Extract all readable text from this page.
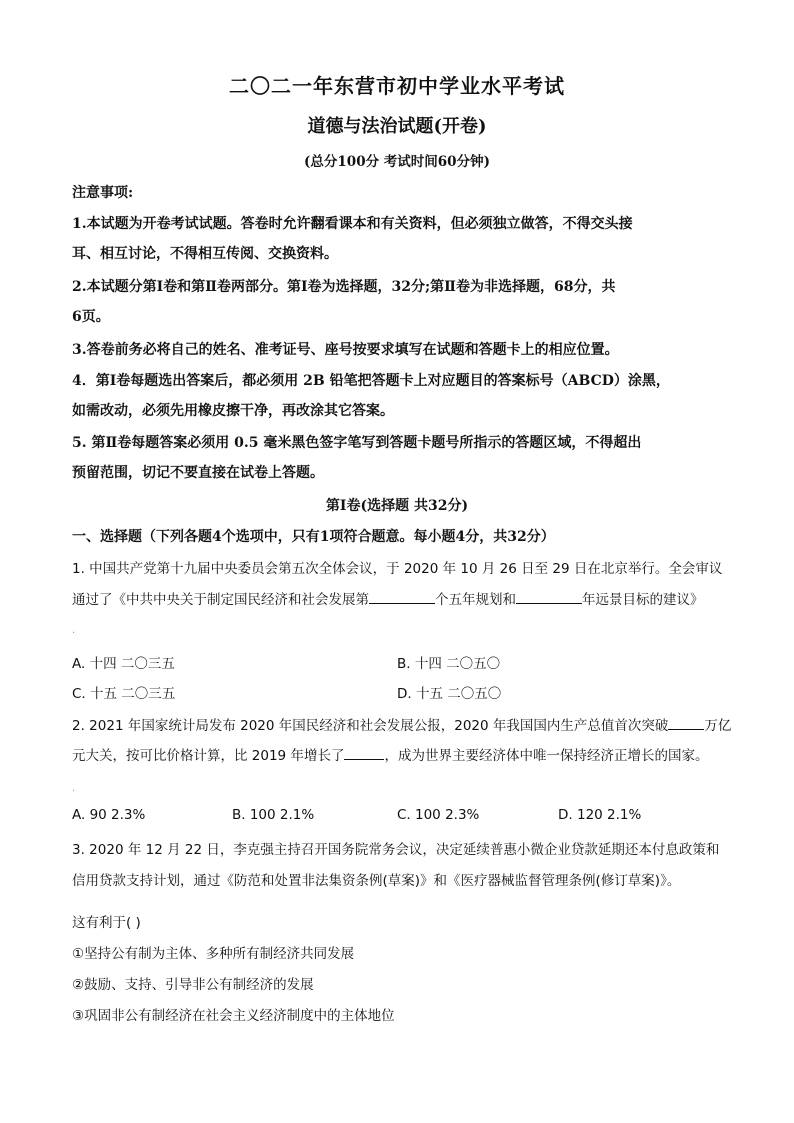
二〇二一年东营市初中学业水平考试
道德与法治试题(开卷)
(总分100分 考试时间60分钟)
注意事项:
1.本试题为开卷考试试题。答卷时允许翻看课本和有关资料，但必须独立做答，不得交头接
耳、相互讨论，不得相互传阅、交换资料。
2.本试题分第Ⅰ卷和第Ⅱ卷两部分。第Ⅰ卷为选择题，32分;第Ⅱ卷为非选择题，68分，共
6页。
3.答卷前务必将自己的姓名、准考证号、座号按要求填写在试题和答题卡上的相应位置。
4．第Ⅰ卷每题选出答案后，都必须用 2B 铅笔把答题卡上对应题目的答案标号（ABCD）涂黑，
如需改动，必须先用橡皮擦干净，再改涂其它答案。
5. 第Ⅱ卷每题答案必须用 0.5 毫米黑色签字笔写到答题卡题号所指示的答题区域，不得超出
预留范围，切记不要直接在试卷上答题。
第Ⅰ卷(选择题 共32分)
一、选择题（下列各题4个选项中，只有1项符合题意。每小题4分，共32分）
1. 中国共产党第十九届中央委员会第五次全体会议，于 2020 年 10 月 26 日至 29 日在北京举行。全会审议
通过了《中共中央关于制定国民经济和社会发展第	个五年规划和	年远景目标的建议》
.
A. 十四 二〇三五	B. 十四 二〇五〇
C. 十五 二〇三五	D. 十五 二〇五〇
2. 2021 年国家统计局发布 2020 年国民经济和社会发展公报，2020 年我国国内生产总值首次突破	万亿
元大关，按可比价格计算，比 2019 年增长了	，成为世界主要经济体中唯一保持经济正增长的国家。
.
A. 90 2.3%	B. 100 2.1%	C. 100 2.3%	D. 120 2.1%
3. 2020 年 12 月 22 日，李克强主持召开国务院常务会议，决定延续普惠小微企业贷款延期还本付息政策和
信用贷款支持计划，通过《防范和处置非法集资条例(草案)》和《医疗器械监督管理条例(修订草案)》。
这有利于( )
①坚持公有制为主体、多种所有制经济共同发展
②鼓励、支持、引导非公有制经济的发展
③巩固非公有制经济在社会主义经济制度中的主体地位
